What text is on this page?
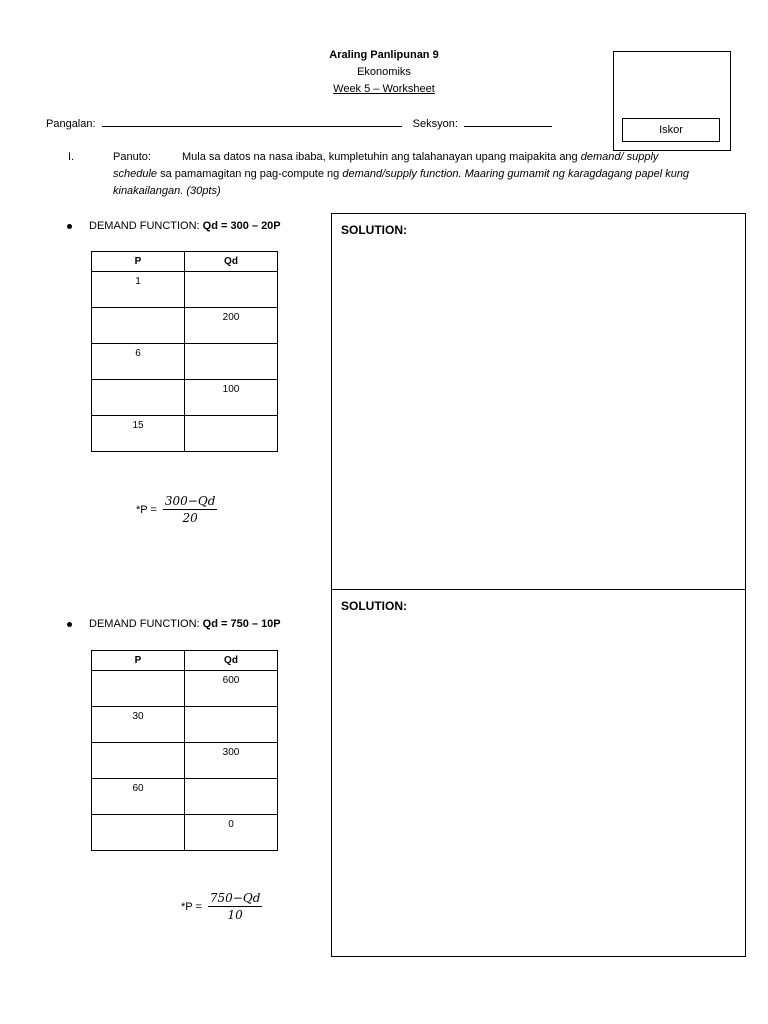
Araling Panlipunan 9
Ekonomiks
Week 5 – Worksheet
Iskor
Pangalan:	Seksyon:
I.	Panuto:	Mula sa datos na nasa ibaba, kumpletuhin ang talahanayan upang maipakita ang demand/ supply
schedule sa pamamagitan ng pag-compute ng demand/supply function. Maaring gumamit ng karagdagang papel kung
kinakailangan. (30pts)
DEMAND FUNCTION: Qd = 300 – 20P
P	Qd
1	
	200
6	
	100
15	
$*P = \frac{300-Qd}{20}$
SOLUTION:
DEMAND FUNCTION: Qd = 750 – 10P
P	Qd
	600
30	
	300
60	
	0
$*P = \frac{750-Qd}{10}$
SOLUTION:
